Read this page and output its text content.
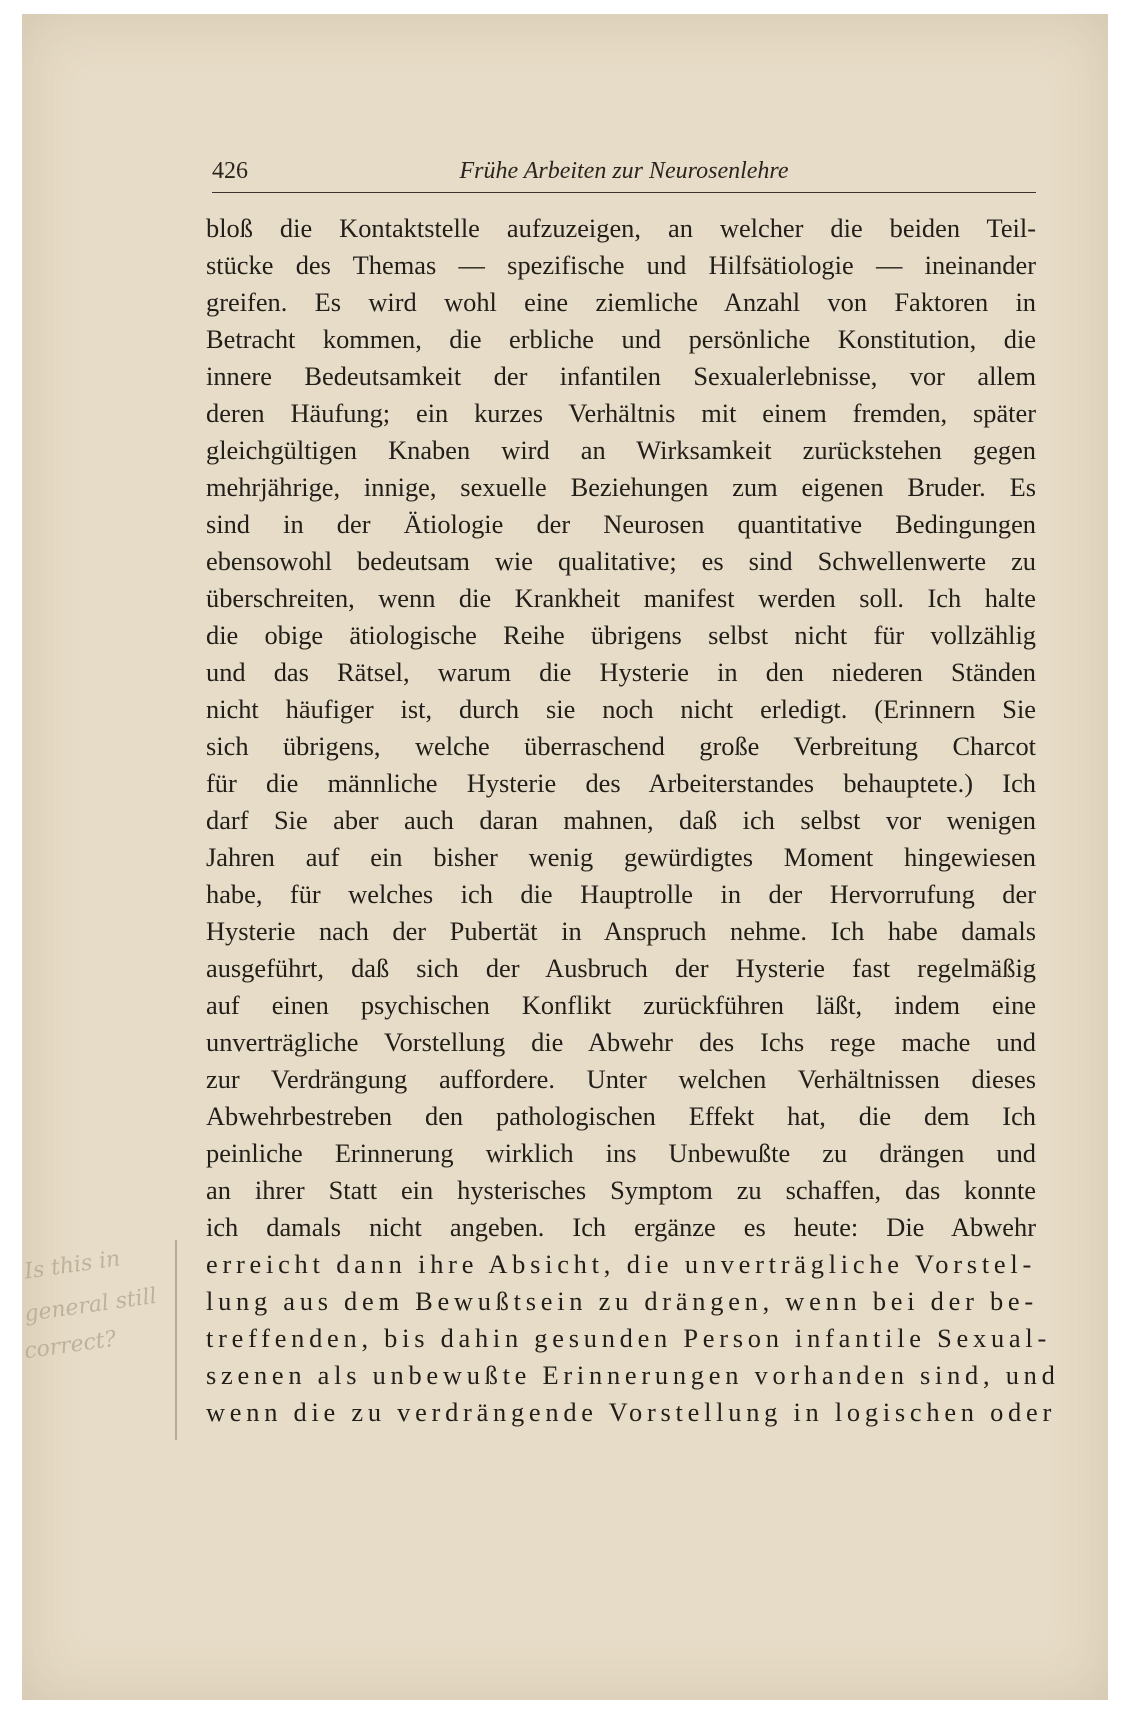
426	Frühe Arbeiten zur Neurosenlehre
bloß die Kontaktstelle aufzuzeigen, an welcher die beiden Teil-
stücke des Themas — spezifische und Hilfsätiologie — ineinander
greifen. Es wird wohl eine ziemliche Anzahl von Faktoren in
Betracht kommen, die erbliche und persönliche Konstitution, die
innere Bedeutsamkeit der infantilen Sexualerlebnisse, vor allem
deren Häufung; ein kurzes Verhältnis mit einem fremden, später
gleichgültigen Knaben wird an Wirksamkeit zurückstehen gegen
mehrjährige, innige, sexuelle Beziehungen zum eigenen Bruder. Es
sind in der Ätiologie der Neurosen quantitative Bedingungen
ebensowohl bedeutsam wie qualitative; es sind Schwellenwerte zu
überschreiten, wenn die Krankheit manifest werden soll. Ich halte
die obige ätiologische Reihe übrigens selbst nicht für vollzählig
und das Rätsel, warum die Hysterie in den niederen Ständen
nicht häufiger ist, durch sie noch nicht erledigt. (Erinnern Sie
sich übrigens, welche überraschend große Verbreitung Charcot
für die männliche Hysterie des Arbeiterstandes behauptete.) Ich
darf Sie aber auch daran mahnen, daß ich selbst vor wenigen
Jahren auf ein bisher wenig gewürdigtes Moment hingewiesen
habe, für welches ich die Hauptrolle in der Hervorrufung der
Hysterie nach der Pubertät in Anspruch nehme. Ich habe damals
ausgeführt, daß sich der Ausbruch der Hysterie fast regelmäßig
auf einen psychischen Konflikt zurückführen läßt, indem eine
unverträgliche Vorstellung die Abwehr des Ichs rege mache und
zur Verdrängung auffordere. Unter welchen Verhältnissen dieses
Abwehrbestreben den pathologischen Effekt hat, die dem Ich
peinliche Erinnerung wirklich ins Unbewußte zu drängen und
an ihrer Statt ein hysterisches Symptom zu schaffen, das konnte
ich damals nicht angeben. Ich ergänze es heute: Die Abwehr
erreicht dann ihre Absicht, die unverträgliche Vorstel-
lung aus dem Bewußtsein zu drängen, wenn bei der be-
treffenden, bis dahin gesunden Person infantile Sexual-
szenen als unbewußte Erinnerungen vorhanden sind, und
wenn die zu verdrängende Vorstellung in logischen oder
Is this in
general still
correct?
